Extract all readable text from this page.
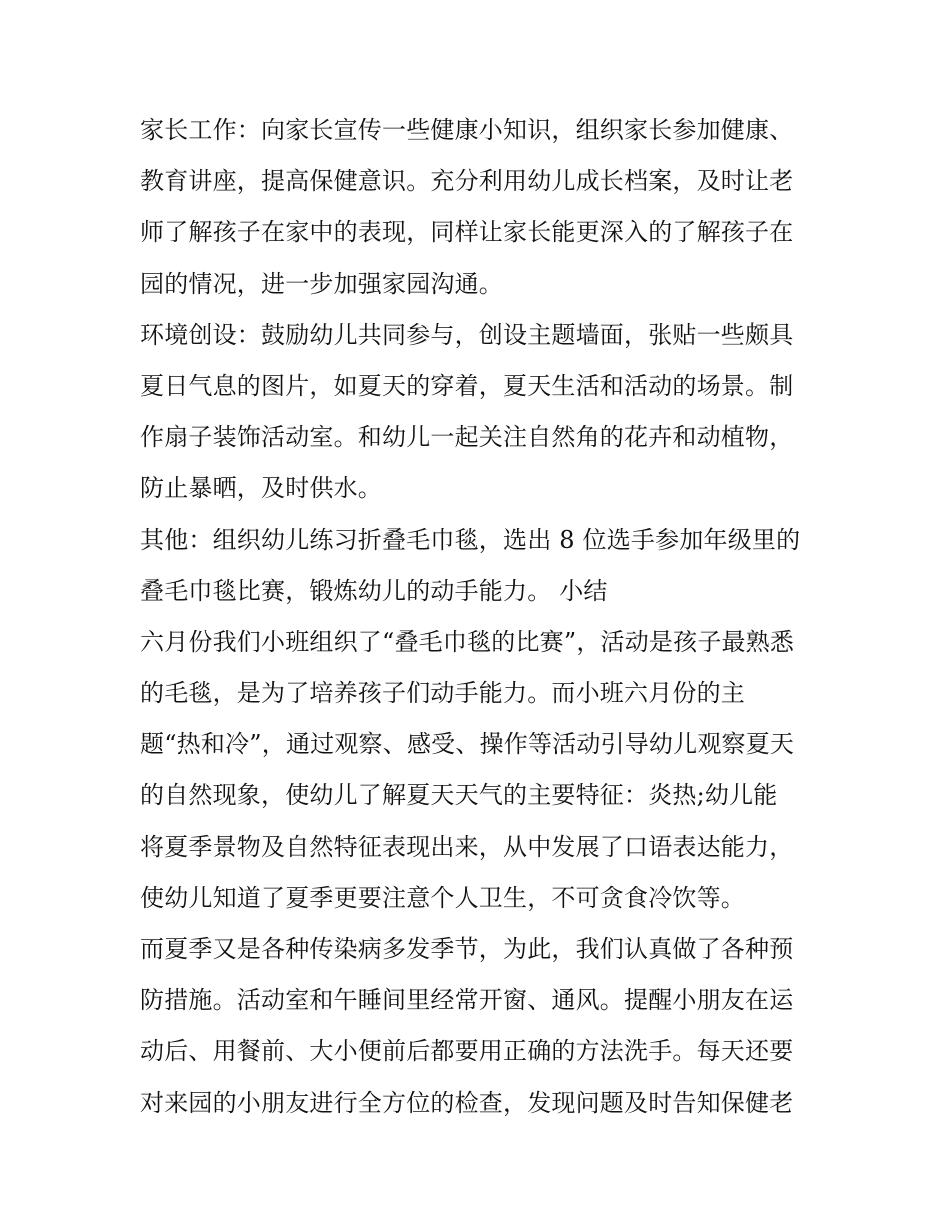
家长工作：向家长宣传一些健康小知识，组织家长参加健康、
教育讲座，提高保健意识。充分利用幼儿成长档案，及时让老
师了解孩子在家中的表现，同样让家长能更深入的了解孩子在
园的情况，进一步加强家园沟通。
环境创设：鼓励幼儿共同参与，创设主题墙面，张贴一些颇具
夏日气息的图片，如夏天的穿着，夏天生活和活动的场景。制
作扇子装饰活动室。和幼儿一起关注自然角的花卉和动植物，
防止暴晒，及时供水。
其他：组织幼儿练习折叠毛巾毯，选出 8 位选手参加年级里的
叠毛巾毯比赛，锻炼幼儿的动手能力。 小结
六月份我们小班组织了“叠毛巾毯的比赛”，活动是孩子最熟悉
的毛毯，是为了培养孩子们动手能力。而小班六月份的主
题“热和冷”，通过观察、感受、操作等活动引导幼儿观察夏天
的自然现象，使幼儿了解夏天天气的主要特征：炎热;幼儿能
将夏季景物及自然特征表现出来，从中发展了口语表达能力，
使幼儿知道了夏季更要注意个人卫生，不可贪食冷饮等。
而夏季又是各种传染病多发季节，为此，我们认真做了各种预
防措施。活动室和午睡间里经常开窗、通风。提醒小朋友在运
动后、用餐前、大小便前后都要用正确的方法洗手。每天还要
对来园的小朋友进行全方位的检查，发现问题及时告知保健老
